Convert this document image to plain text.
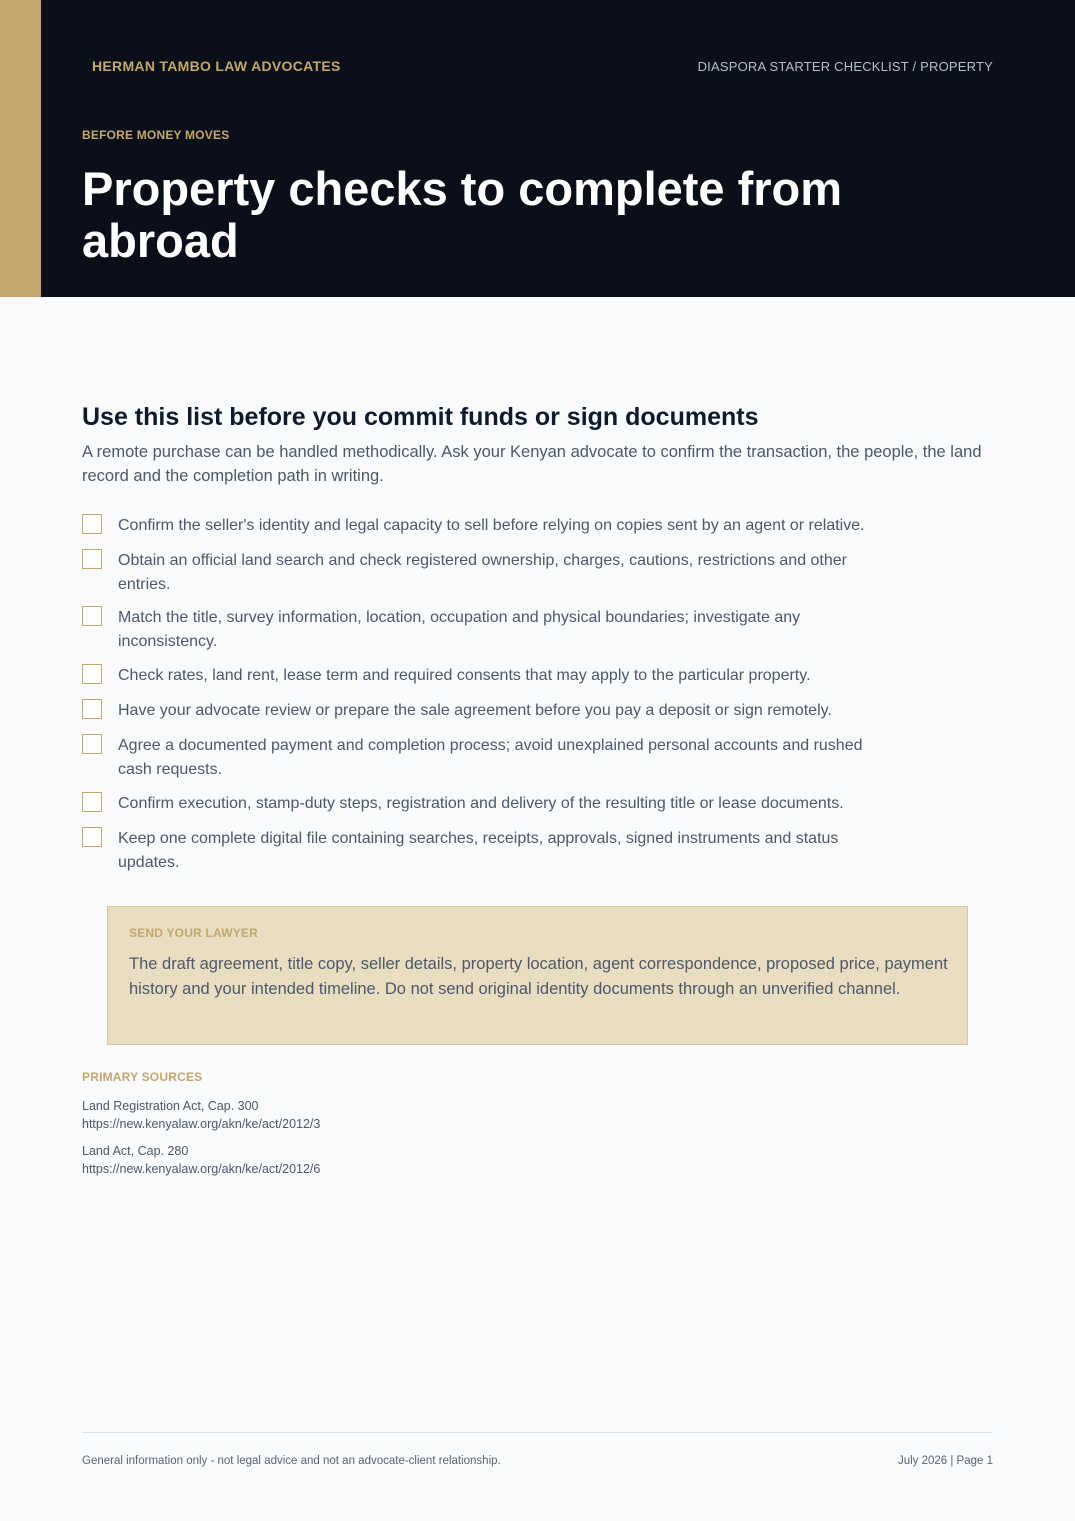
HERMAN TAMBO LAW ADVOCATES	DIASPORA STARTER CHECKLIST / PROPERTY
BEFORE MONEY MOVES
Property checks to complete from abroad
Use this list before you commit funds or sign documents

A remote purchase can be handled methodically. Ask your Kenyan advocate to confirm the transaction, the people, the land record and the completion path in writing.

Confirm the seller's identity and legal capacity to sell before relying on copies sent by an agent or relative.
Obtain an official land search and check registered ownership, charges, cautions, restrictions and other entries.
Match the title, survey information, location, occupation and physical boundaries; investigate any inconsistency.
Check rates, land rent, lease term and required consents that may apply to the particular property.
Have your advocate review or prepare the sale agreement before you pay a deposit or sign remotely.
Agree a documented payment and completion process; avoid unexplained personal accounts and rushed cash requests.
Confirm execution, stamp-duty steps, registration and delivery of the resulting title or lease documents.
Keep one complete digital file containing searches, receipts, approvals, signed instruments and status updates.
SEND YOUR LAWYER
The draft agreement, title copy, seller details, property location, agent correspondence, proposed price, payment history and your intended timeline. Do not send original identity documents through an unverified channel.
PRIMARY SOURCES
Land Registration Act, Cap. 300
https://new.kenyalaw.org/akn/ke/act/2012/3
Land Act, Cap. 280
https://new.kenyalaw.org/akn/ke/act/2012/6
General information only - not legal advice and not an advocate-client relationship.	July 2026 | Page 1
